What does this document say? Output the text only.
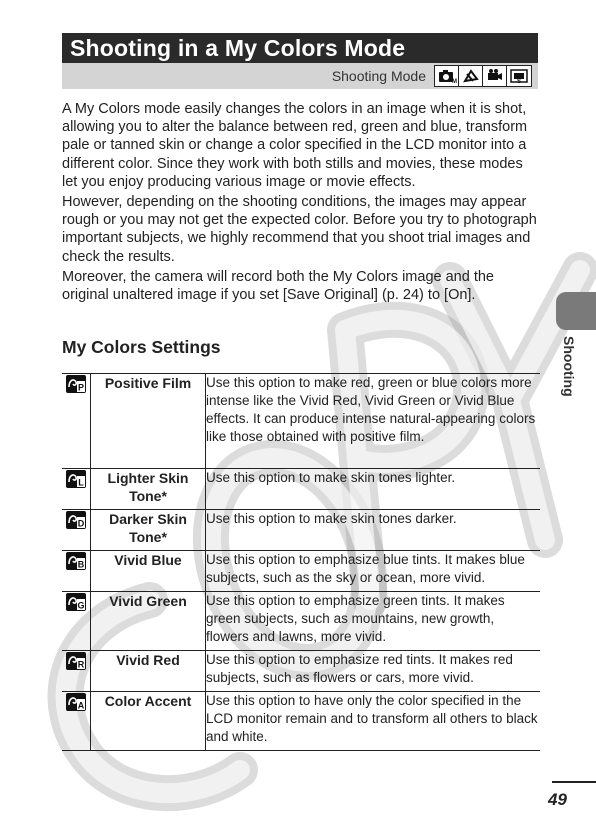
Shooting in a My Colors Mode
Shooting Mode	M	S

A My Colors mode easily changes the colors in an image when it is shot, allowing you to alter the balance between red, green and blue, transform pale or tanned skin or change a color specified in the LCD monitor into a different color. Since they work with both stills and movies, these modes let you enjoy producing various image or movie effects.

However, depending on the shooting conditions, the images may appear rough or you may not get the expected color. Before you try to photograph important subjects, we highly recommend that you shoot trial images and check the results.

Moreover, the camera will record both the My Colors image and the original unaltered image if you set [Save Original] (p. 24) to [On].

Shooting
My Colors Settings
P	Positive Film	Use this option to make red, green or blue colors more intense like the Vivid Red, Vivid Green or Vivid Blue effects. It can produce intense natural-appearing colors like those obtained with positive film.

L	Lighter Skin Tone*	Use this option to make skin tones lighter.

D	Darker Skin Tone*	Use this option to make skin tones darker.

B	Vivid Blue	Use this option to emphasize blue tints. It makes blue subjects, such as the sky or ocean, more vivid.

G	Vivid Green	Use this option to emphasize green tints. It makes green subjects, such as mountains, new growth, flowers and lawns, more vivid.

R	Vivid Red	Use this option to emphasize red tints. It makes red subjects, such as flowers or cars, more vivid.

A	Color Accent	Use this option to have only the color specified in the LCD monitor remain and to transform all others to black and white.
49
